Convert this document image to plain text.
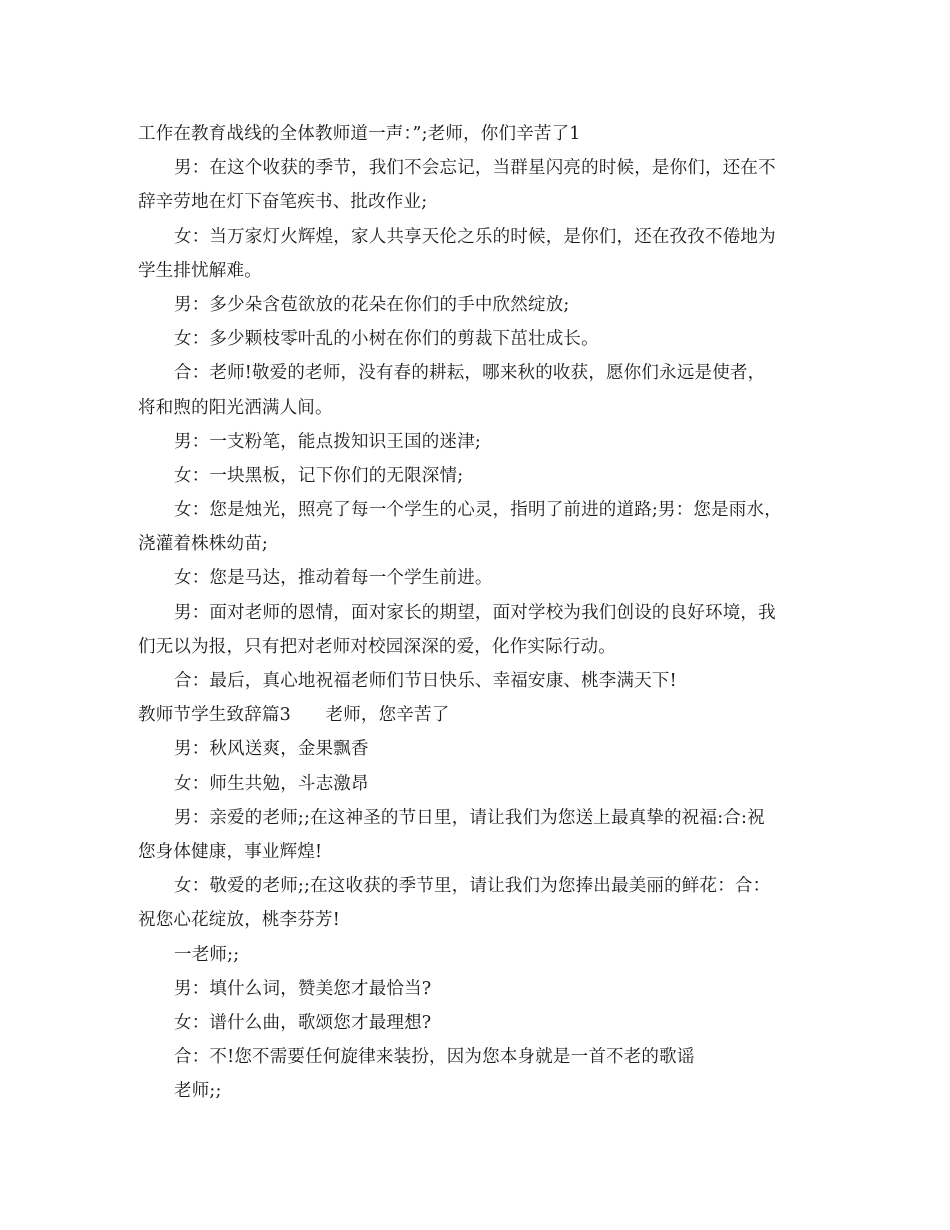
工作在教育战线的全体教师道一声：”;老师，你们辛苦了1
男：在这个收获的季节，我们不会忘记，当群星闪亮的时候，是你们，还在不
辞辛劳地在灯下奋笔疾书、批改作业;
女：当万家灯火辉煌，家人共享天伦之乐的时候，是你们，还在孜孜不倦地为
学生排忧解难。
男：多少朵含苞欲放的花朵在你们的手中欣然绽放;
女：多少颗枝零叶乱的小树在你们的剪裁下茁壮成长。
合：老师!敬爱的老师，没有春的耕耘，哪来秋的收获，愿你们永远是使者，
将和煦的阳光洒满人间。
男：一支粉笔，能点拨知识王国的迷津;
女：一块黑板，记下你们的无限深情;
女：您是烛光，照亮了每一个学生的心灵，指明了前进的道路;男：您是雨水，
浇灌着株株幼苗;
女：您是马达，推动着每一个学生前进。
男：面对老师的恩情，面对家长的期望，面对学校为我们创设的良好环境，我
们无以为报，只有把对老师对校园深深的爱，化作实际行动。
合：最后，真心地祝福老师们节日快乐、幸福安康、桃李满天下!
教师节学生致辞篇3      老师，您辛苦了
男：秋风送爽，金果飘香
女：师生共勉，斗志激昂
男：亲爱的老师;;在这神圣的节日里，请让我们为您送上最真挚的祝福:合:祝
您身体健康，事业辉煌!
女：敬爱的老师;;在这收获的季节里，请让我们为您捧出最美丽的鲜花：合：
祝您心花绽放，桃李芬芳!
一老师;;
男：填什么词，赞美您才最恰当?
女：谱什么曲，歌颂您才最理想?
合：不!您不需要任何旋律来装扮，因为您本身就是一首不老的歌谣
老师;;
